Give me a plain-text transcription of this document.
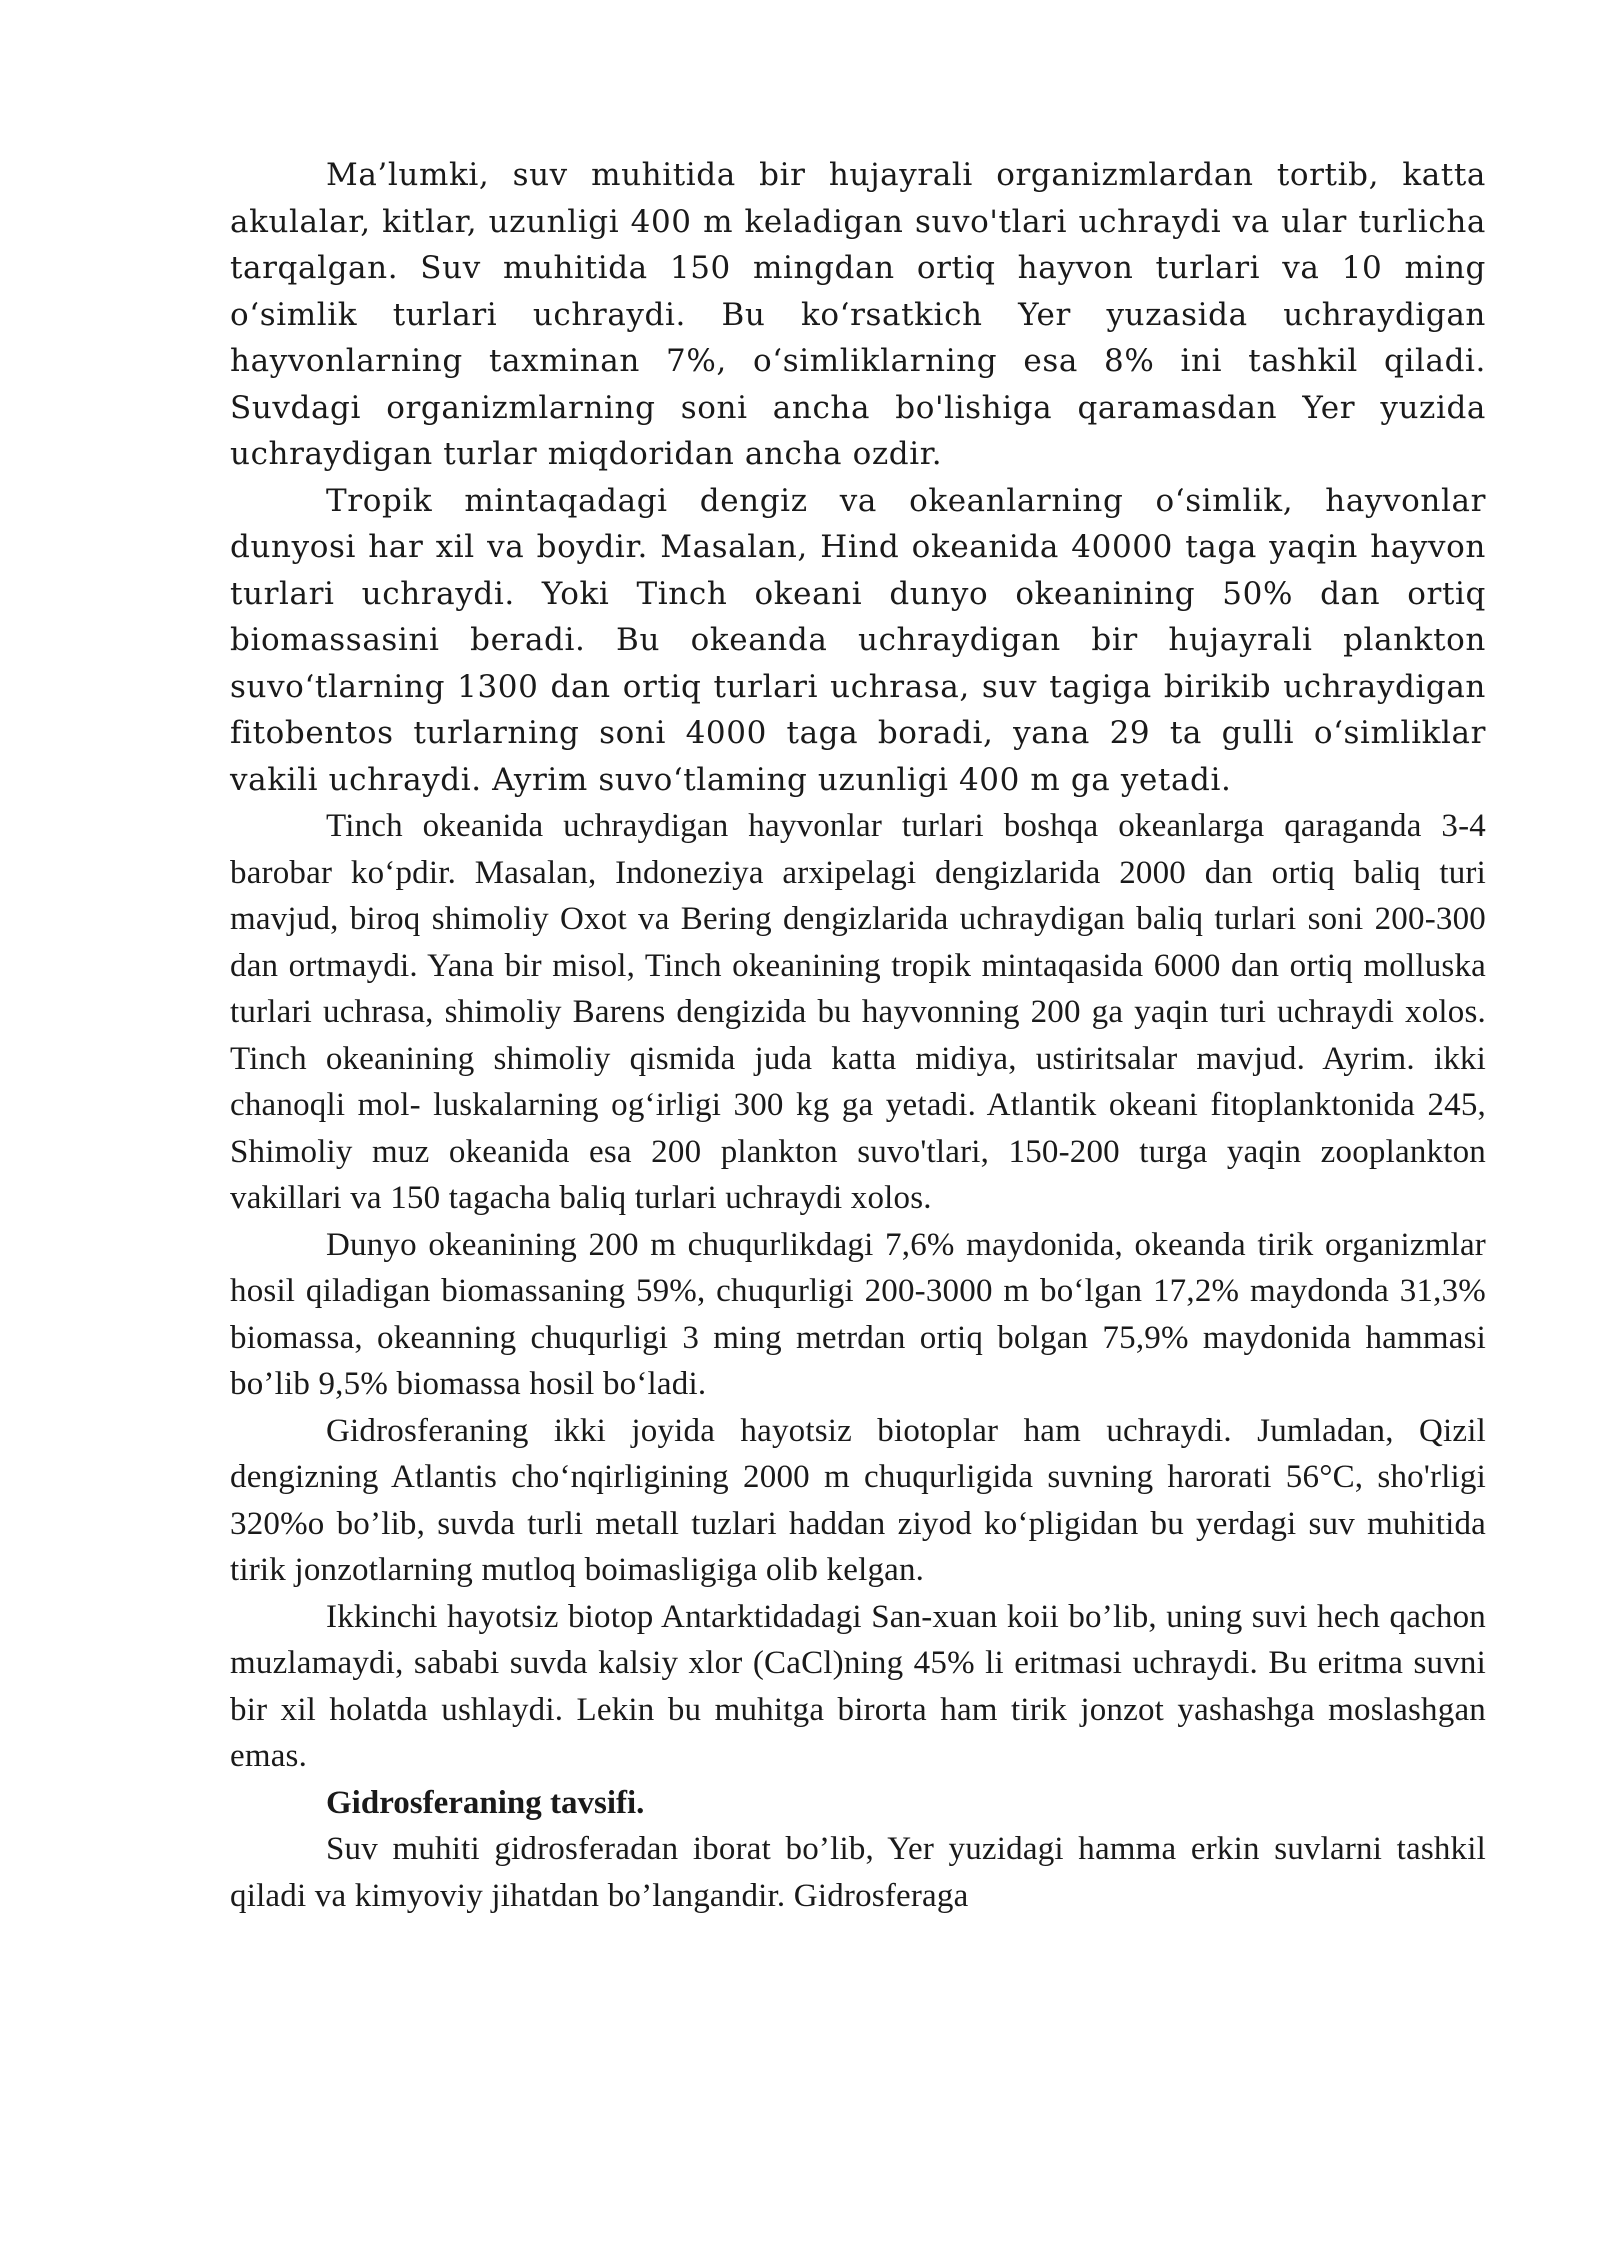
Ma’lumki, suv muhitida bir hujayrali organizmlardan tortib, katta akulalar, kitlar, uzunligi 400 m keladigan suvo'tlari uchraydi va ular turlicha tarqalgan. Suv muhitida 150 mingdan ortiq hayvon turlari va 10 ming o‘simlik turlari uchraydi. Bu ko‘rsatkich Yer yuzasida uchraydigan hayvonlarning taxminan 7%, o‘simliklarning esa 8% ini tashkil qiladi. Suvdagi organizmlarning soni ancha bo'lishiga qaramasdan Yer yuzida uchraydigan turlar miqdoridan ancha ozdir.

Tropik mintaqadagi dengiz va okeanlarning o‘simlik, hayvonlar dunyosi har xil va boydir. Masalan, Hind okeanida 40000 taga yaqin hayvon turlari uchraydi. Yoki Tinch okeani dunyo okeanining 50% dan ortiq biomassasini beradi. Bu okeanda uchraydigan bir hujayrali plankton suvo‘tlarning 1300 dan ortiq turlari uchrasa, suv tagiga birikib uchraydigan fitobentos turlarning soni 4000 taga boradi, yana 29 ta gulli o‘simliklar vakili uchraydi. Ayrim suvo‘tlaming uzunligi 400 m ga yetadi.

Tinch okeanida uchraydigan hayvonlar turlari boshqa okeanlarga qaraganda 3-4 barobar ko‘pdir. Masalan, Indoneziya arxipelagi dengizlarida 2000 dan ortiq baliq turi mavjud, biroq shimoliy Oxot va Bering dengizlarida uchraydigan baliq turlari soni 200-300 dan ortmaydi. Yana bir misol, Tinch okeanining tropik mintaqasida 6000 dan ortiq molluska turlari uchrasa, shimoliy Barens dengizida bu hayvonning 200 ga yaqin turi uchraydi xolos. Tinch okeanining shimoliy qismida juda katta midiya, ustiritsalar mavjud. Ayrim. ikki chanoqli mol- luskalarning og‘irligi 300 kg ga yetadi. Atlantik okeani fitoplanktonida 245, Shimoliy muz okeanida esa 200 plankton suvo'tlari, 150-200 turga yaqin zooplankton vakillari va 150 tagacha baliq turlari uchraydi xolos.

Dunyo okeanining 200 m chuqurlikdagi 7,6% maydonida, okeanda tirik organizmlar hosil qiladigan biomassaning 59%, chuqurligi 200-3000 m bo‘lgan 17,2% maydonda 31,3% biomassa, okeanning chuqurligi 3 ming metrdan ortiq bolgan 75,9% maydonida hammasi bo’lib 9,5% biomassa hosil bo‘ladi.

Gidrosferaning ikki joyida hayotsiz biotoplar ham uchraydi. Jumladan, Qizil dengizning Atlantis cho‘nqirligining 2000 m chuqurligida suvning harorati 56°C, sho'rligi 320%o bo’lib, suvda turli metall tuzlari haddan ziyod ko‘pligidan bu yerdagi suv muhitida tirik jonzotlarning mutloq boimasligiga olib kelgan.

Ikkinchi hayotsiz biotop Antarktidadagi San-xuan koii bo’lib, uning suvi hech qachon muzlamaydi, sababi suvda kalsiy xlor (CaCl)ning 45% li eritmasi uchraydi. Bu eritma suvni bir xil holatda ushlaydi. Lekin bu muhitga birorta ham tirik jonzot yashashga moslashgan emas.

Gidrosferaning tavsifi.

Suv muhiti gidrosferadan iborat bo’lib, Yer yuzidagi hamma erkin suvlarni tashkil qiladi va kimyoviy jihatdan bo’langandir. Gidrosferaga
